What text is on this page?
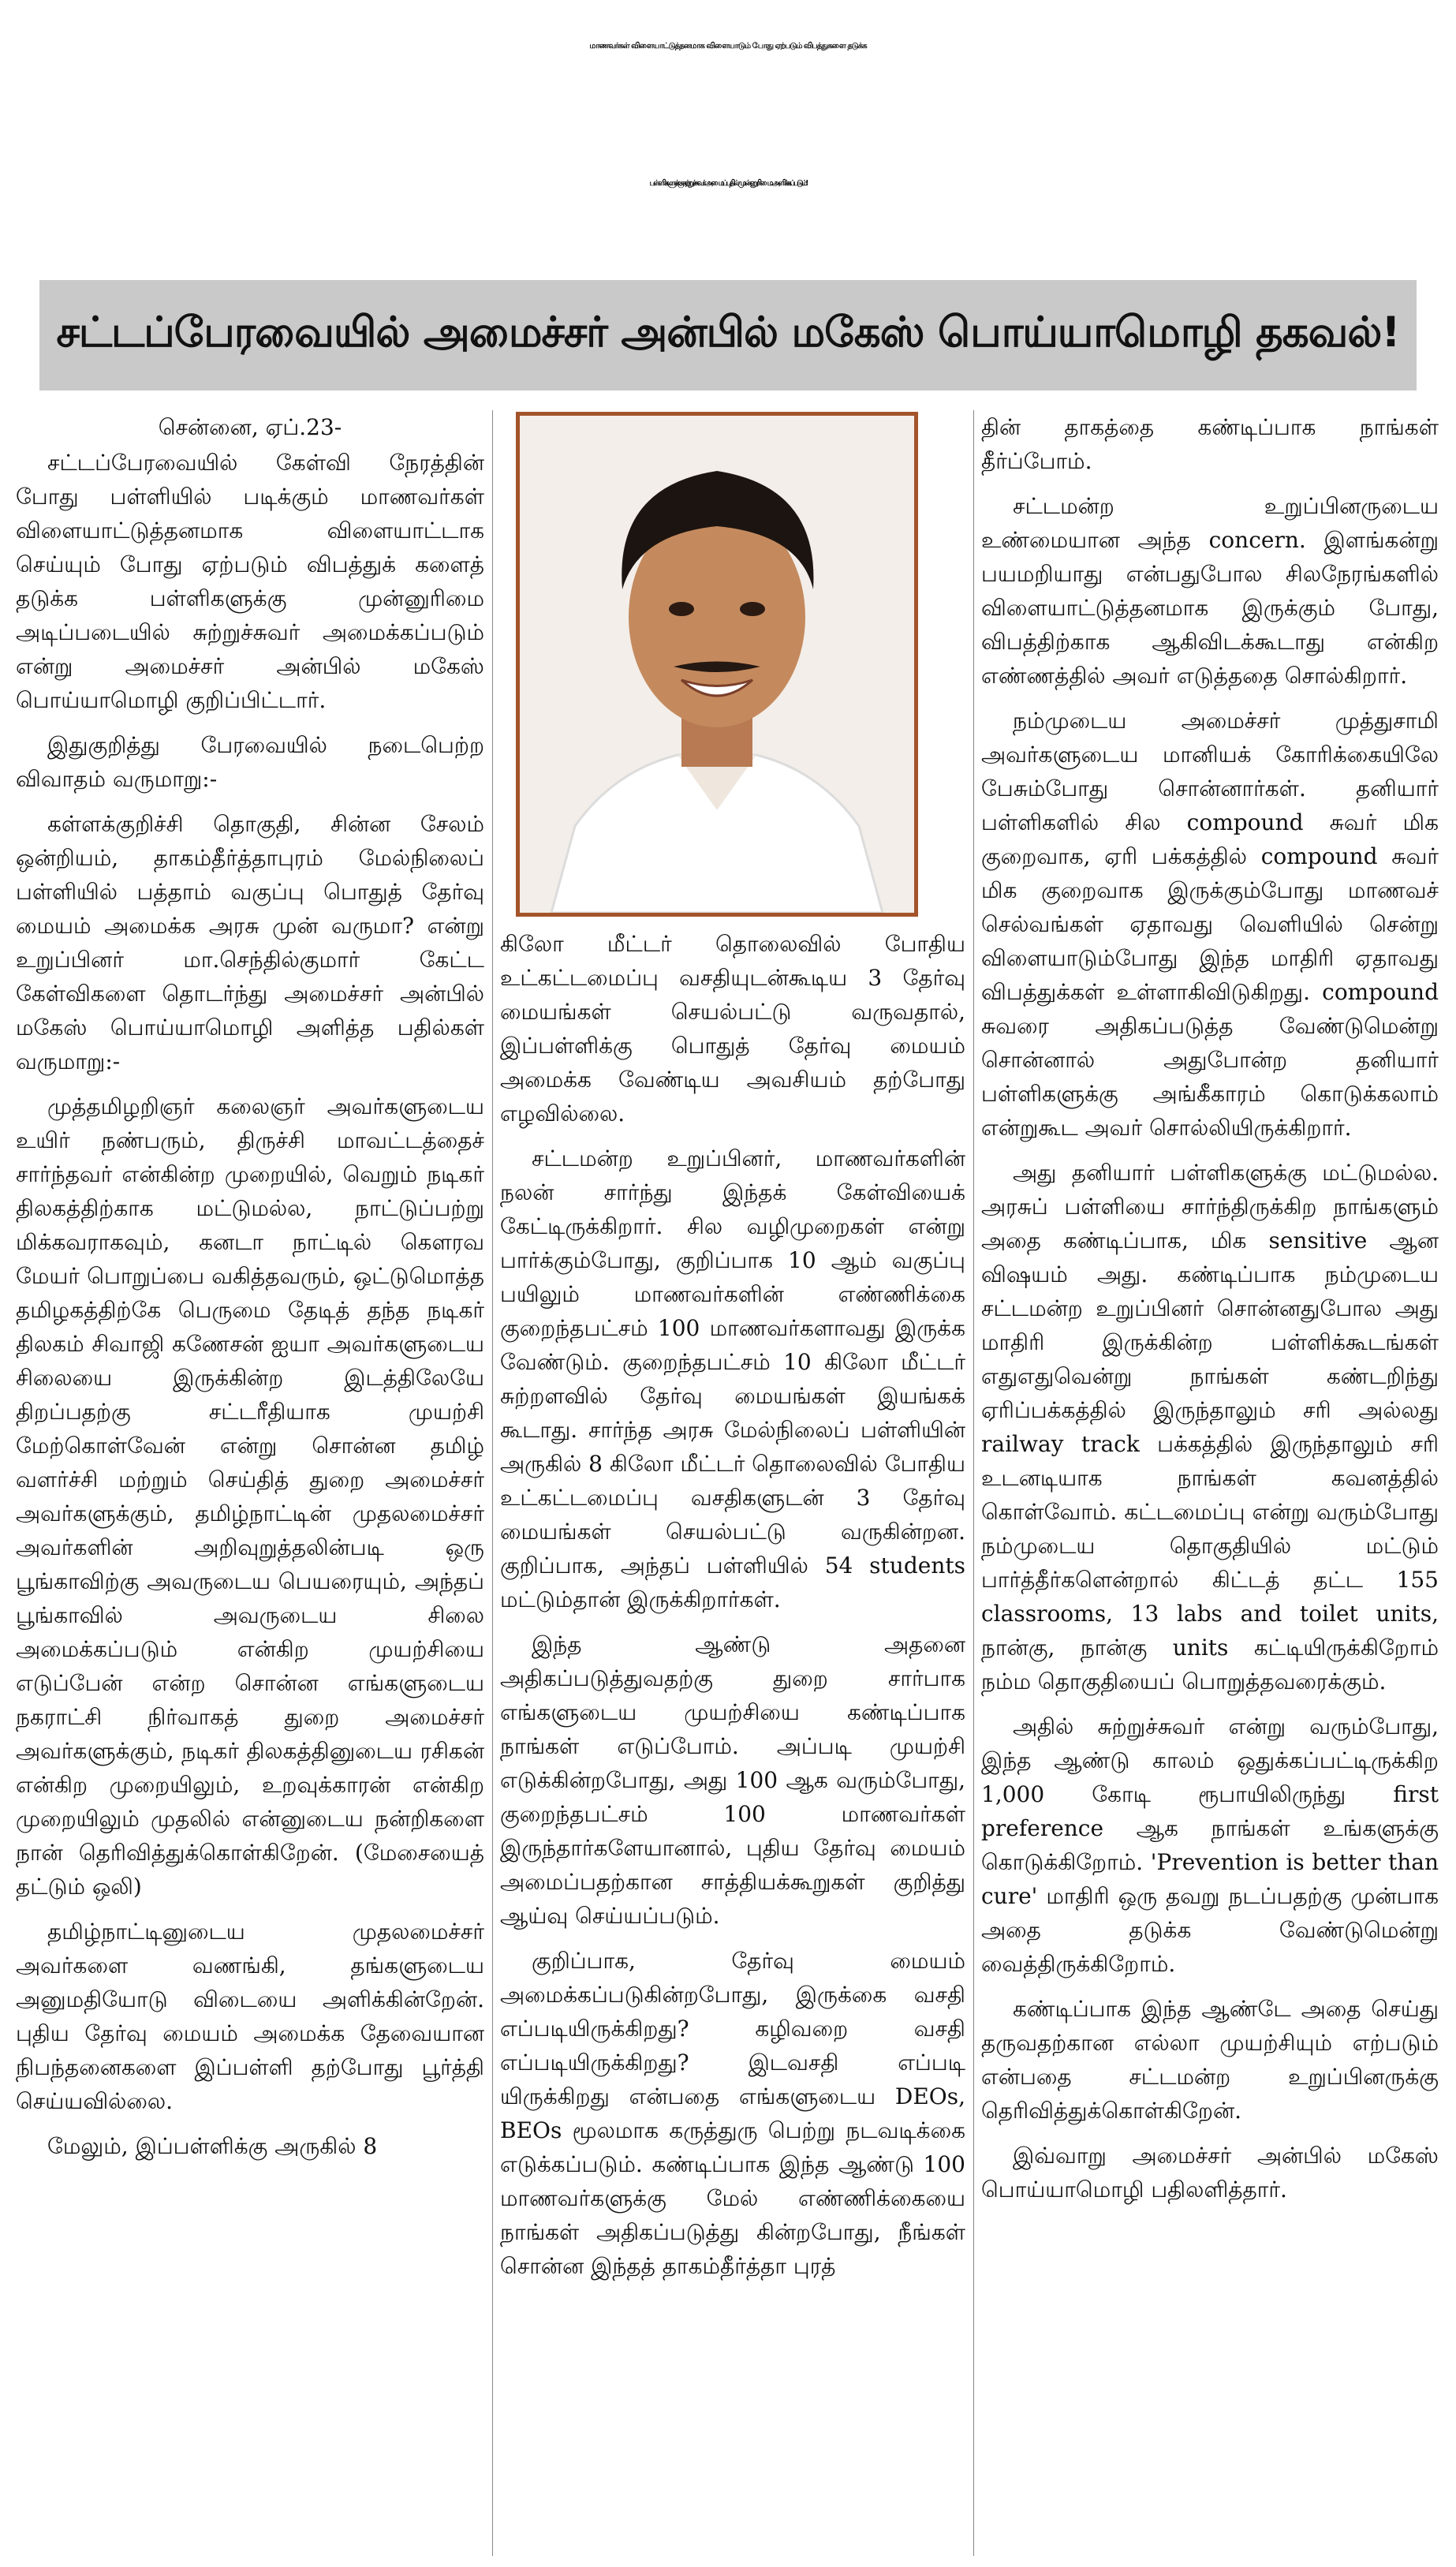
மாணவர்கள் விளையாட்டுத்தனமாக விளையாடும் போது ஏற்படும் விபத்துகளை தடுக்க
பள்ளிகளுக்கு சுற்றுச்சுவர் அமைப்பதில் முன்னுரிமை அளிக்கப்படும்!
சட்டப்பேரவையில் அமைச்சர் அன்பில் மகேஸ் பொய்யாமொழி தகவல்!

சென்னை, ஏப்.23-

சட்டப்பேரவையில் கேள்வி நேரத்தின் போது பள்ளியில் படிக்கும் மாணவர்கள் விளையாட்டுத்தனமாக விளையாட்டாக செய்யும் போது ஏற்படும் விபத்துக் களைத் தடுக்க பள்ளிகளுக்கு முன்னுரிமை அடிப்படையில் சுற்றுச்சுவர் அமைக்கப்படும் என்று அமைச்சர் அன்பில் மகேஸ் பொய்யாமொழி குறிப்பிட்டார்.

இதுகுறித்து பேரவையில் நடைபெற்ற விவாதம் வருமாறு:-

கள்ளக்குறிச்சி தொகுதி, சின்ன சேலம் ஒன்றியம், தாகம்தீர்த்தாபுரம் மேல்நிலைப் பள்ளியில் பத்தாம் வகுப்பு பொதுத் தேர்வு மையம் அமைக்க அரசு முன் வருமா? என்று உறுப்பினர் மா.செந்தில்குமார் கேட்ட கேள்விகளை தொடர்ந்து அமைச்சர் அன்பில் மகேஸ் பொய்யாமொழி அளித்த பதில்கள் வருமாறு:-

முத்தமிழறிஞர் கலைஞர் அவர்களுடைய உயிர் நண்பரும், திருச்சி மாவட்டத்தைச் சார்ந்தவர் என்கின்ற முறையில், வெறும் நடிகர் திலகத்திற்காக மட்டுமல்ல, நாட்டுப்பற்று மிக்கவராகவும், கனடா நாட்டில் கௌரவ மேயர் பொறுப்பை வகித்தவரும், ஒட்டுமொத்த தமிழகத்திற்கே பெருமை தேடித் தந்த நடிகர் திலகம் சிவாஜி கணேசன் ஐயா அவர்களுடைய சிலையை இருக்கின்ற இடத்திலேயே திறப்பதற்கு சட்டரீதியாக முயற்சி மேற்கொள்வேன் என்று சொன்ன தமிழ் வளர்ச்சி மற்றும் செய்தித் துறை அமைச்சர் அவர்களுக்கும், தமிழ்நாட்டின் முதலமைச்சர் அவர்களின் அறிவுறுத்தலின்படி ஒரு பூங்காவிற்கு அவருடைய பெயரையும், அந்தப் பூங்காவில் அவருடைய சிலை அமைக்கப்படும் என்கிற முயற்சியை எடுப்பேன் என்ற சொன்ன எங்களுடைய நகராட்சி நிர்வாகத் துறை அமைச்சர் அவர்களுக்கும், நடிகர் திலகத்தினுடைய ரசிகன் என்கிற முறையிலும், உறவுக்காரன் என்கிற முறையிலும் முதலில் என்னுடைய நன்றிகளை நான் தெரிவித்துக்கொள்கிறேன். (மேசையைத் தட்டும் ஒலி)

தமிழ்நாட்டினுடைய முதலமைச்சர் அவர்களை வணங்கி, தங்களுடைய அனுமதியோடு விடையை அளிக்கின்றேன். புதிய தேர்வு மையம் அமைக்க தேவையான நிபந்தனைகளை இப்பள்ளி தற்போது பூர்த்தி செய்யவில்லை.

மேலும், இப்பள்ளிக்கு அருகில் 8

கிலோ மீட்டர் தொலைவில் போதிய உட்கட்டமைப்பு வசதியுடன்கூடிய 3 தேர்வு மையங்கள் செயல்பட்டு வருவதால், இப்பள்ளிக்கு பொதுத் தேர்வு மையம் அமைக்க வேண்டிய அவசியம் தற்போது எழவில்லை.

சட்டமன்ற உறுப்பினர், மாணவர்களின் நலன் சார்ந்து இந்தக் கேள்வியைக் கேட்டிருக்கிறார். சில வழிமுறைகள் என்று பார்க்கும்போது, குறிப்பாக 10 ஆம் வகுப்பு பயிலும் மாணவர்களின் எண்ணிக்கை குறைந்தபட்சம் 100 மாணவர்களாவது இருக்க வேண்டும். குறைந்தபட்சம் 10 கிலோ மீட்டர் சுற்றளவில் தேர்வு மையங்கள் இயங்கக் கூடாது. சார்ந்த அரசு மேல்நிலைப் பள்ளியின் அருகில் 8 கிலோ மீட்டர் தொலைவில் போதிய உட்கட்டமைப்பு வசதிகளுடன் 3 தேர்வு மையங்கள் செயல்பட்டு வருகின்றன. குறிப்பாக, அந்தப் பள்ளியில் 54 students மட்டும்தான் இருக்கிறார்கள்.

இந்த ஆண்டு அதனை அதிகப்படுத்துவதற்கு துறை சார்பாக எங்களுடைய முயற்சியை கண்டிப்பாக நாங்கள் எடுப்போம். அப்படி முயற்சி எடுக்கின்றபோது, அது 100 ஆக வரும்போது, குறைந்தபட்சம் 100 மாணவர்கள் இருந்தார்களேயானால், புதிய தேர்வு மையம் அமைப்பதற்கான சாத்தியக்கூறுகள் குறித்து ஆய்வு செய்யப்படும்.

குறிப்பாக, தேர்வு மையம் அமைக்கப்படுகின்றபோது, இருக்கை வசதி எப்படியிருக்கிறது? கழிவறை வசதி எப்படியிருக்கிறது? இடவசதி எப்படி யிருக்கிறது என்பதை எங்களுடைய DEOs, BEOs மூலமாக கருத்துரு பெற்று நடவடிக்கை எடுக்கப்படும். கண்டிப்பாக இந்த ஆண்டு 100 மாணவர்களுக்கு மேல் எண்ணிக்கையை நாங்கள் அதிகப்படுத்து கின்றபோது, நீங்கள் சொன்ன இந்தத் தாகம்தீர்த்தா புரத்

தின் தாகத்தை கண்டிப்பாக நாங்கள் தீர்ப்போம்.

சட்டமன்ற உறுப்பினருடைய உண்மையான அந்த concern. இளங்கன்று பயமறியாது என்பதுபோல சிலநேரங்களில் விளையாட்டுத்தனமாக இருக்கும் போது, விபத்திற்காக ஆகிவிடக்கூடாது என்கிற எண்ணத்தில் அவர் எடுத்ததை சொல்கிறார்.

நம்முடைய அமைச்சர் முத்துசாமி அவர்களுடைய மானியக் கோரிக்கையிலே பேசும்போது சொன்னார்கள். தனியார் பள்ளிகளில் சில compound சுவர் மிக குறைவாக, ஏரி பக்கத்தில் compound சுவர் மிக குறைவாக இருக்கும்போது மாணவச் செல்வங்கள் ஏதாவது வெளியில் சென்று விளையாடும்போது இந்த மாதிரி ஏதாவது விபத்துக்கள் உள்ளாகிவிடுகிறது. compound சுவரை அதிகப்படுத்த வேண்டுமென்று சொன்னால் அதுபோன்ற தனியார் பள்ளிகளுக்கு அங்கீகாரம் கொடுக்கலாம் என்றுகூட அவர் சொல்லியிருக்கிறார்.

அது தனியார் பள்ளிகளுக்கு மட்டுமல்ல. அரசுப் பள்ளியை சார்ந்திருக்கிற நாங்களும் அதை கண்டிப்பாக, மிக sensitive ஆன விஷயம் அது. கண்டிப்பாக நம்முடைய சட்டமன்ற உறுப்பினர் சொன்னதுபோல அது மாதிரி இருக்கின்ற பள்ளிக்கூடங்கள் எதுஎதுவென்று நாங்கள் கண்டறிந்து ஏரிப்பக்கத்தில் இருந்தாலும் சரி அல்லது railway track பக்கத்தில் இருந்தாலும் சரி உடனடியாக நாங்கள் கவனத்தில் கொள்வோம். கட்டமைப்பு என்று வரும்போது நம்முடைய தொகுதியில் மட்டும் பார்த்தீர்களென்றால் கிட்டத் தட்ட 155 classrooms, 13 labs and toilet units, நான்கு, நான்கு units கட்டியிருக்கிறோம் நம்ம தொகுதியைப் பொறுத்தவரைக்கும்.

அதில் சுற்றுச்சுவர் என்று வரும்போது, இந்த ஆண்டு காலம் ஒதுக்கப்பட்டிருக்கிற 1,000 கோடி ரூபாயிலிருந்து first preference ஆக நாங்கள் உங்களுக்கு கொடுக்கிறோம். 'Prevention is better than cure' மாதிரி ஒரு தவறு நடப்பதற்கு முன்பாக அதை தடுக்க வேண்டுமென்று வைத்திருக்கிறோம்.

கண்டிப்பாக இந்த ஆண்டே அதை செய்து தருவதற்கான எல்லா முயற்சியும் எற்படும் என்பதை சட்டமன்ற உறுப்பினருக்கு தெரிவித்துக்கொள்கிறேன்.

இவ்வாறு அமைச்சர் அன்பில் மகேஸ் பொய்யாமொழி பதிலளித்தார்.
